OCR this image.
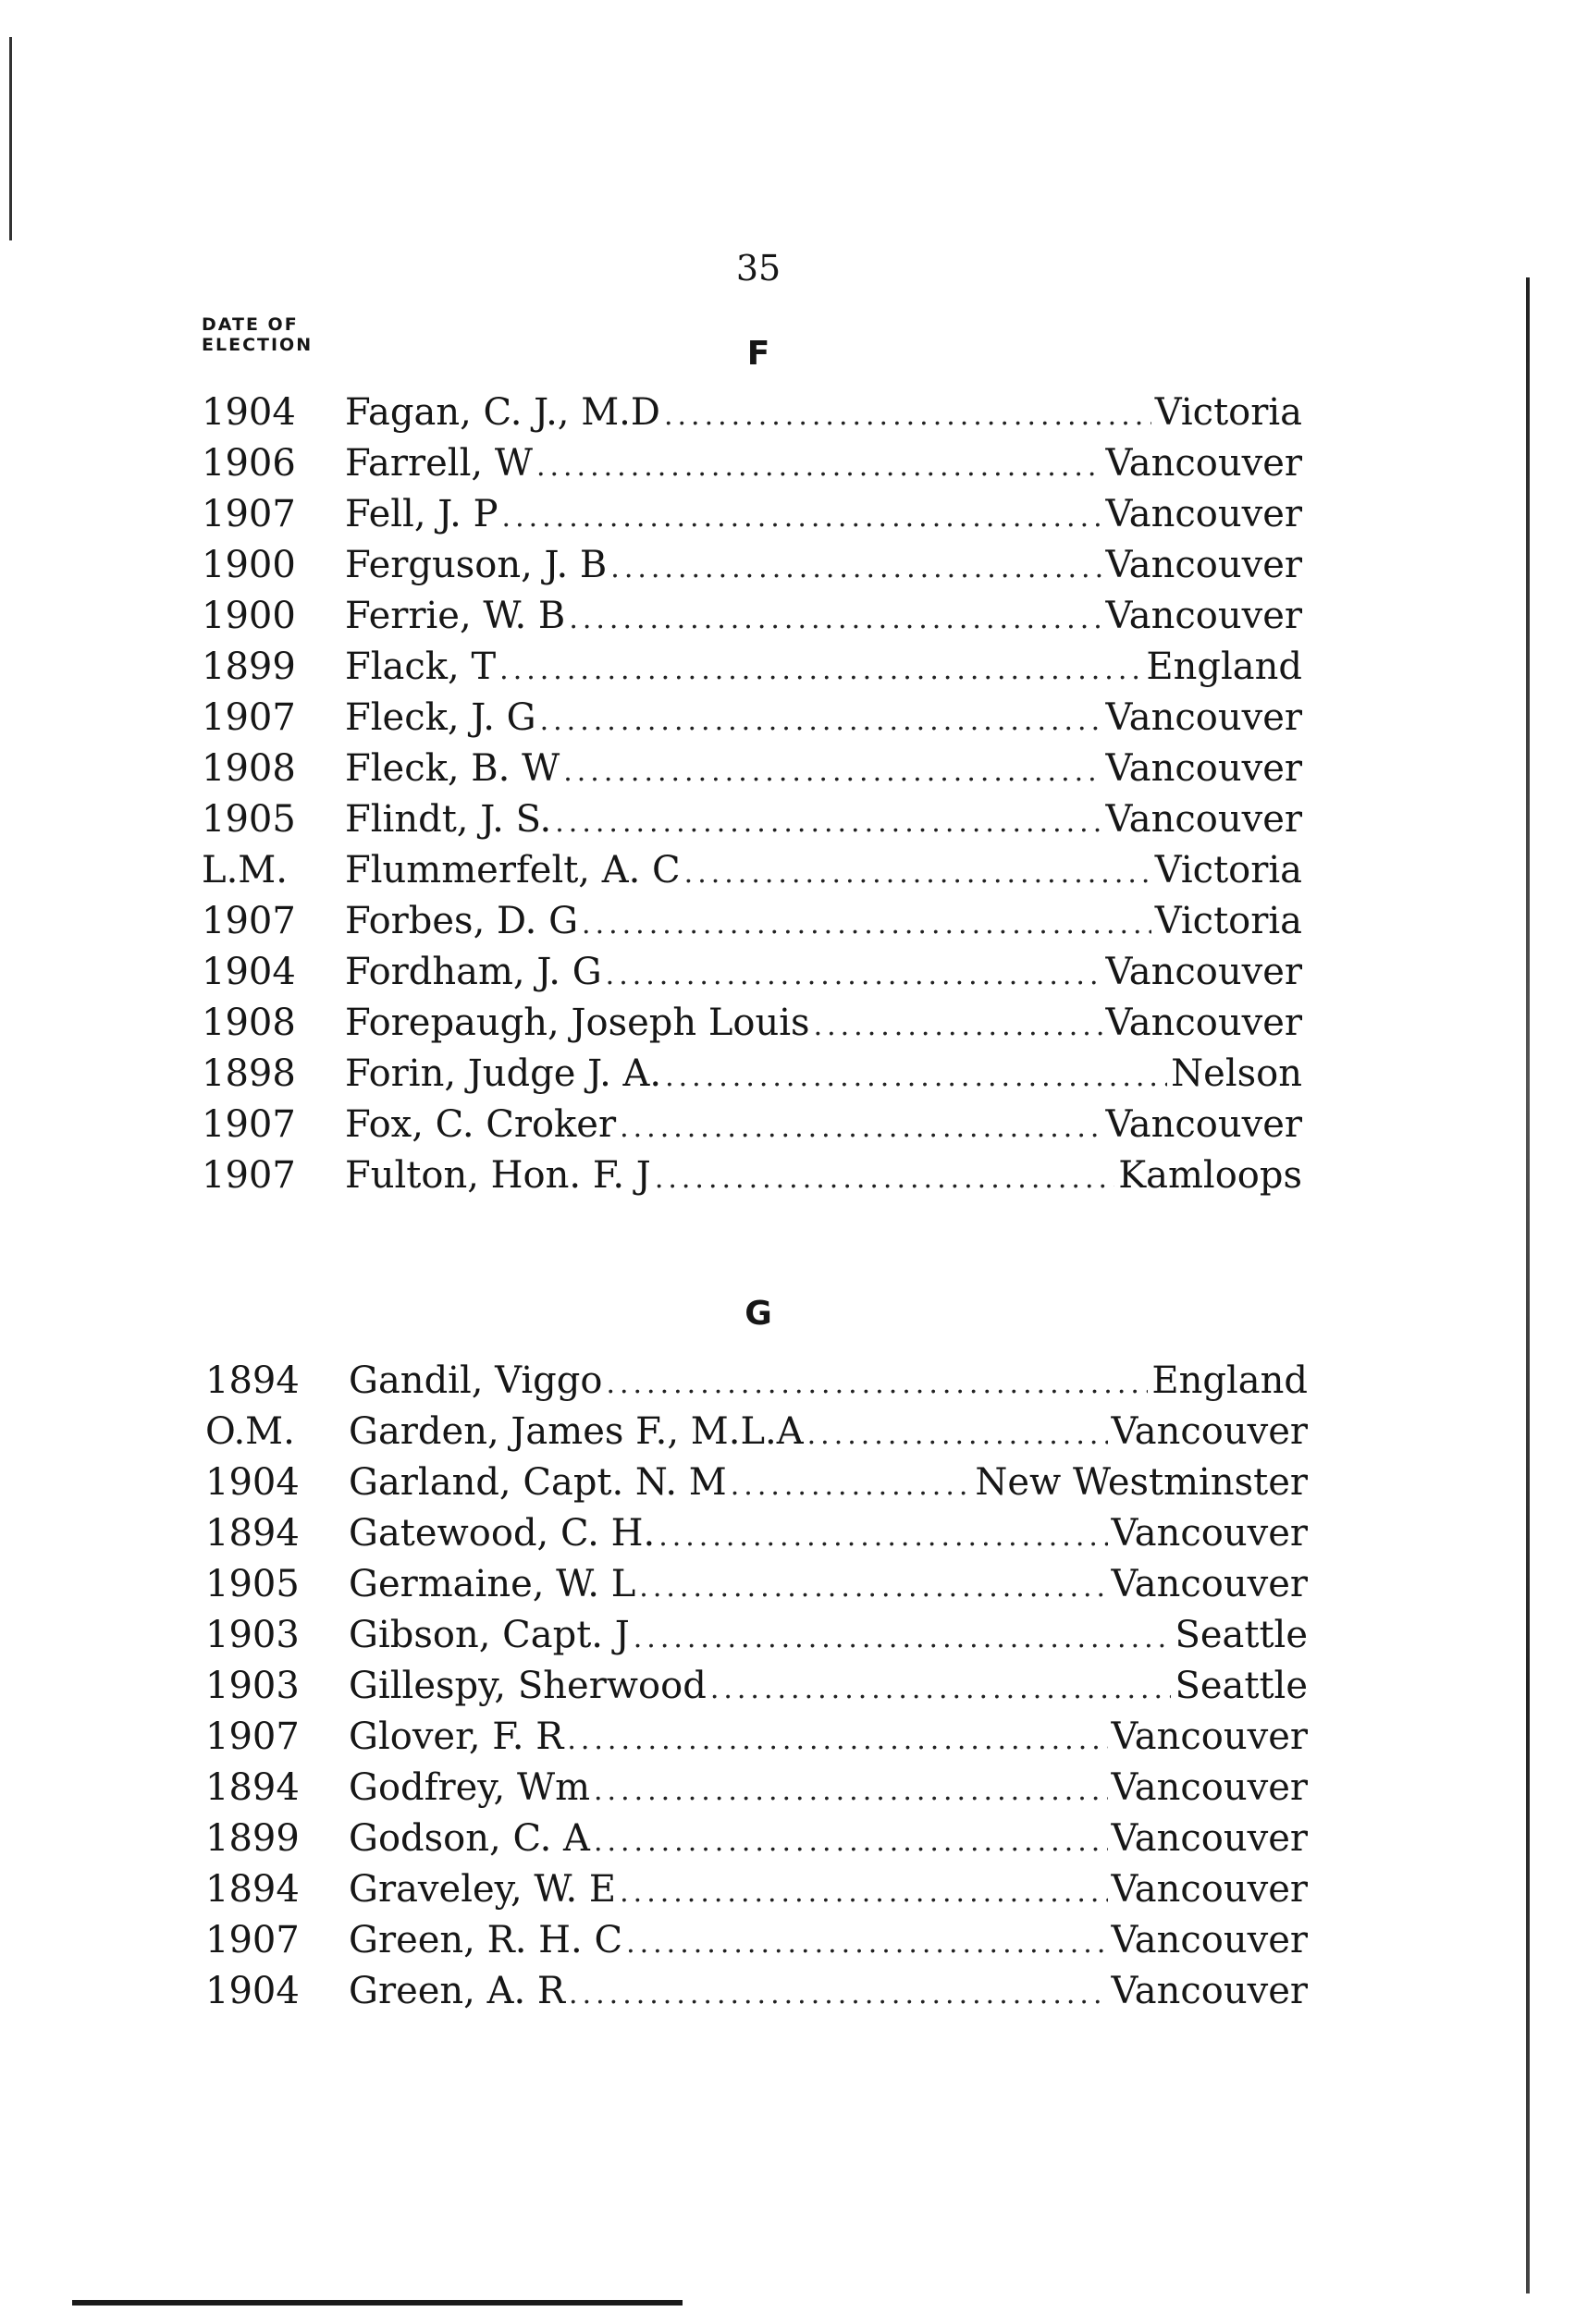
35
DATE OF
ELECTION	F
1904	Fagan, C. J., M.D .....	Victoria
1906	Farrell, W .....	Vancouver
1907	Fell, J. P .....	Vancouver
1900	Ferguson, J. B .....	Vancouver
1900	Ferrie, W. B .....	Vancouver
1899	Flack, T .....	England
1907	Fleck, J. G .....	Vancouver
1908	Fleck, B. W .....	Vancouver
1905	Flindt, J. S. .....	Vancouver
L.M.	Flummerfelt, A. C .....	Victoria
1907	Forbes, D. G .....	Victoria
1904	Fordham, J. G .....	Vancouver
1908	Forepaugh, Joseph Louis .....	Vancouver
1898	Forin, Judge J. A. .....	Nelson
1907	Fox, C. Croker .....	Vancouver
1907	Fulton, Hon. F. J .....	Kamloops
G
1894	Gandil, Viggo .....	England
O.M.	Garden, James F., M.L.A .....	Vancouver
1904	Garland, Capt. N. M .....	New Westminster
1894	Gatewood, C. H. .....	Vancouver
1905	Germaine, W. L .....	Vancouver
1903	Gibson, Capt. J .....	Seattle
1903	Gillespy, Sherwood .....	Seattle
1907	Glover, F. R .....	Vancouver
1894	Godfrey, Wm .....	Vancouver
1899	Godson, C. A .....	Vancouver
1894	Graveley, W. E .....	Vancouver
1907	Green, R. H. C .....	Vancouver
1904	Green, A. R .....	Vancouver
